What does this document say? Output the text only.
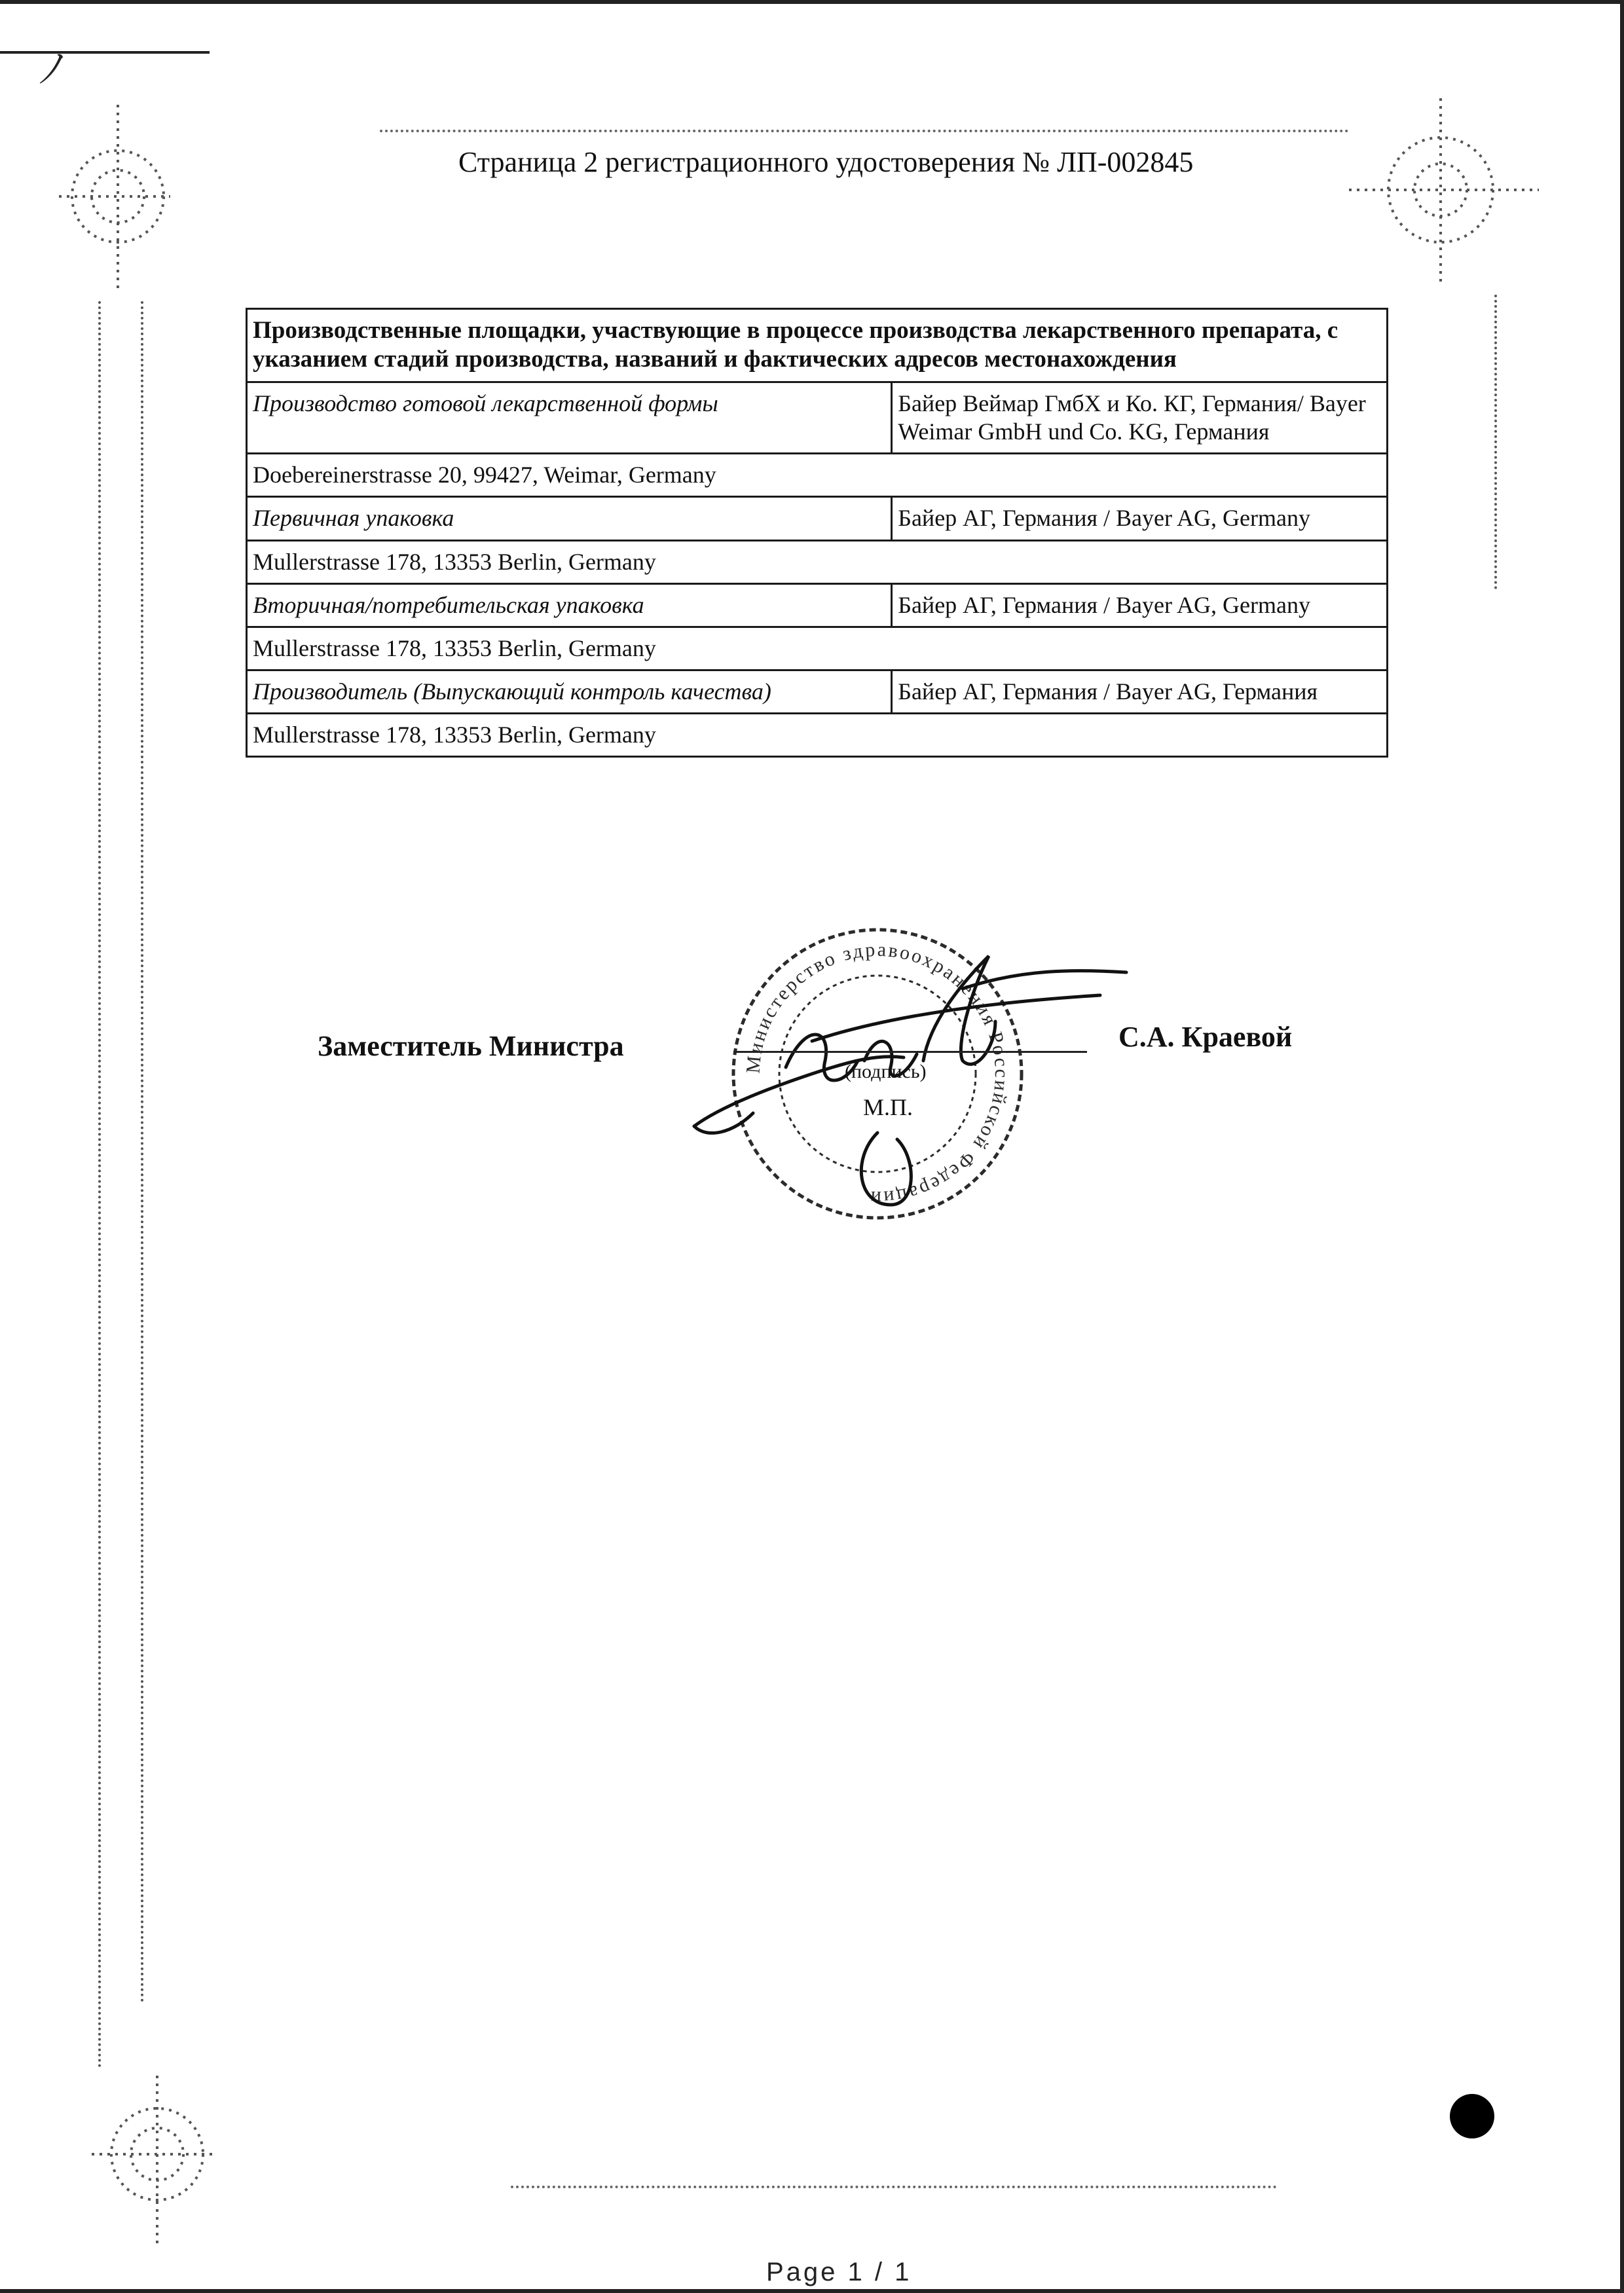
ﾉ
Страница 2 регистрационного удостоверения № ЛП-002845
Производственные площадки, участвующие в процессе производства лекарственного препарата, с указанием стадий производства, названий и фактических адресов местонахождения	
Производство готовой лекарственной формы	Байер Веймар ГмбХ и Ко. КГ, Германия/ Bayer Weimar GmbH und Co. KG, Германия
Doebereinerstrasse 20, 99427, Weimar, Germany	
Первичная упаковка	Байер АГ, Германия / Bayer AG, Germany
Mullerstrasse 178, 13353 Berlin, Germany	
Вторичная/потребительская упаковка	Байер АГ, Германия / Bayer AG, Germany
Mullerstrasse 178, 13353 Berlin, Germany	
Производитель (Выпускающий контроль качества)	Байер АГ, Германия / Bayer AG, Германия
Mullerstrasse 178, 13353 Berlin, Germany	
Министерство здравоохранения Российской Федерации
Заместитель Министра
(подпись)
М.П.
С.А. Краевой
Page 1 / 1
